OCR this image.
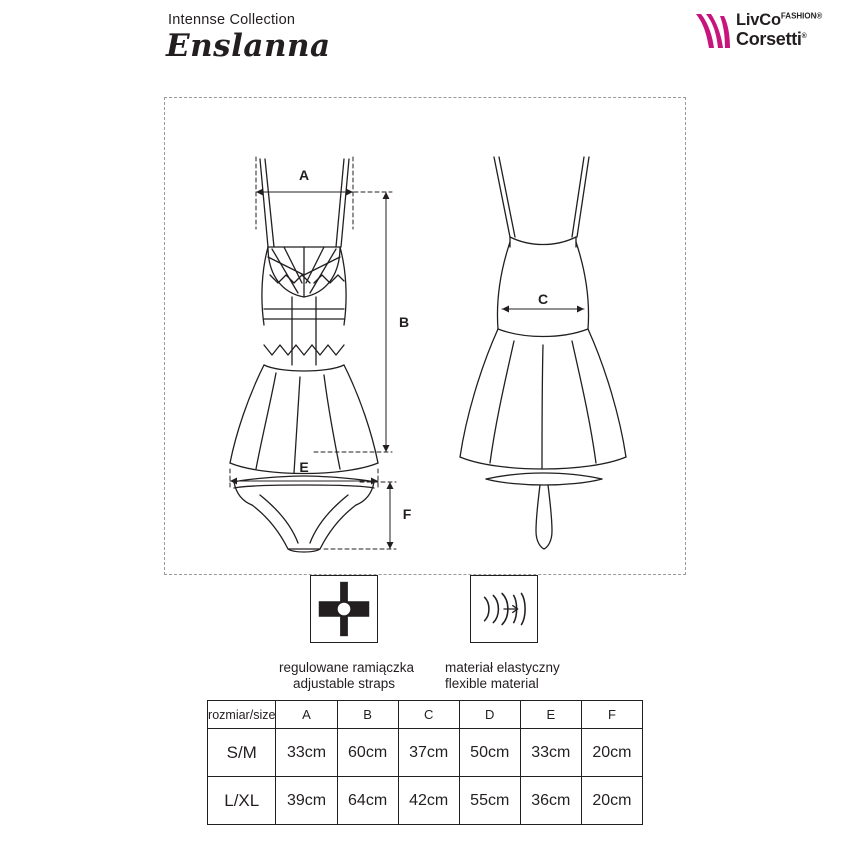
Intennse Collection
Enslanna
LivCo$^{FASHION®}$
Corsetti®
A
B
C
E
F
regulowane ramiączka
adjustable straps
materiał elastyczny
flexible material
rozmiar/size	A	B	C	D	E	F
S/M	33cm	60cm	37cm	50cm	33cm	20cm
L/XL	39cm	64cm	42cm	55cm	36cm	20cm
